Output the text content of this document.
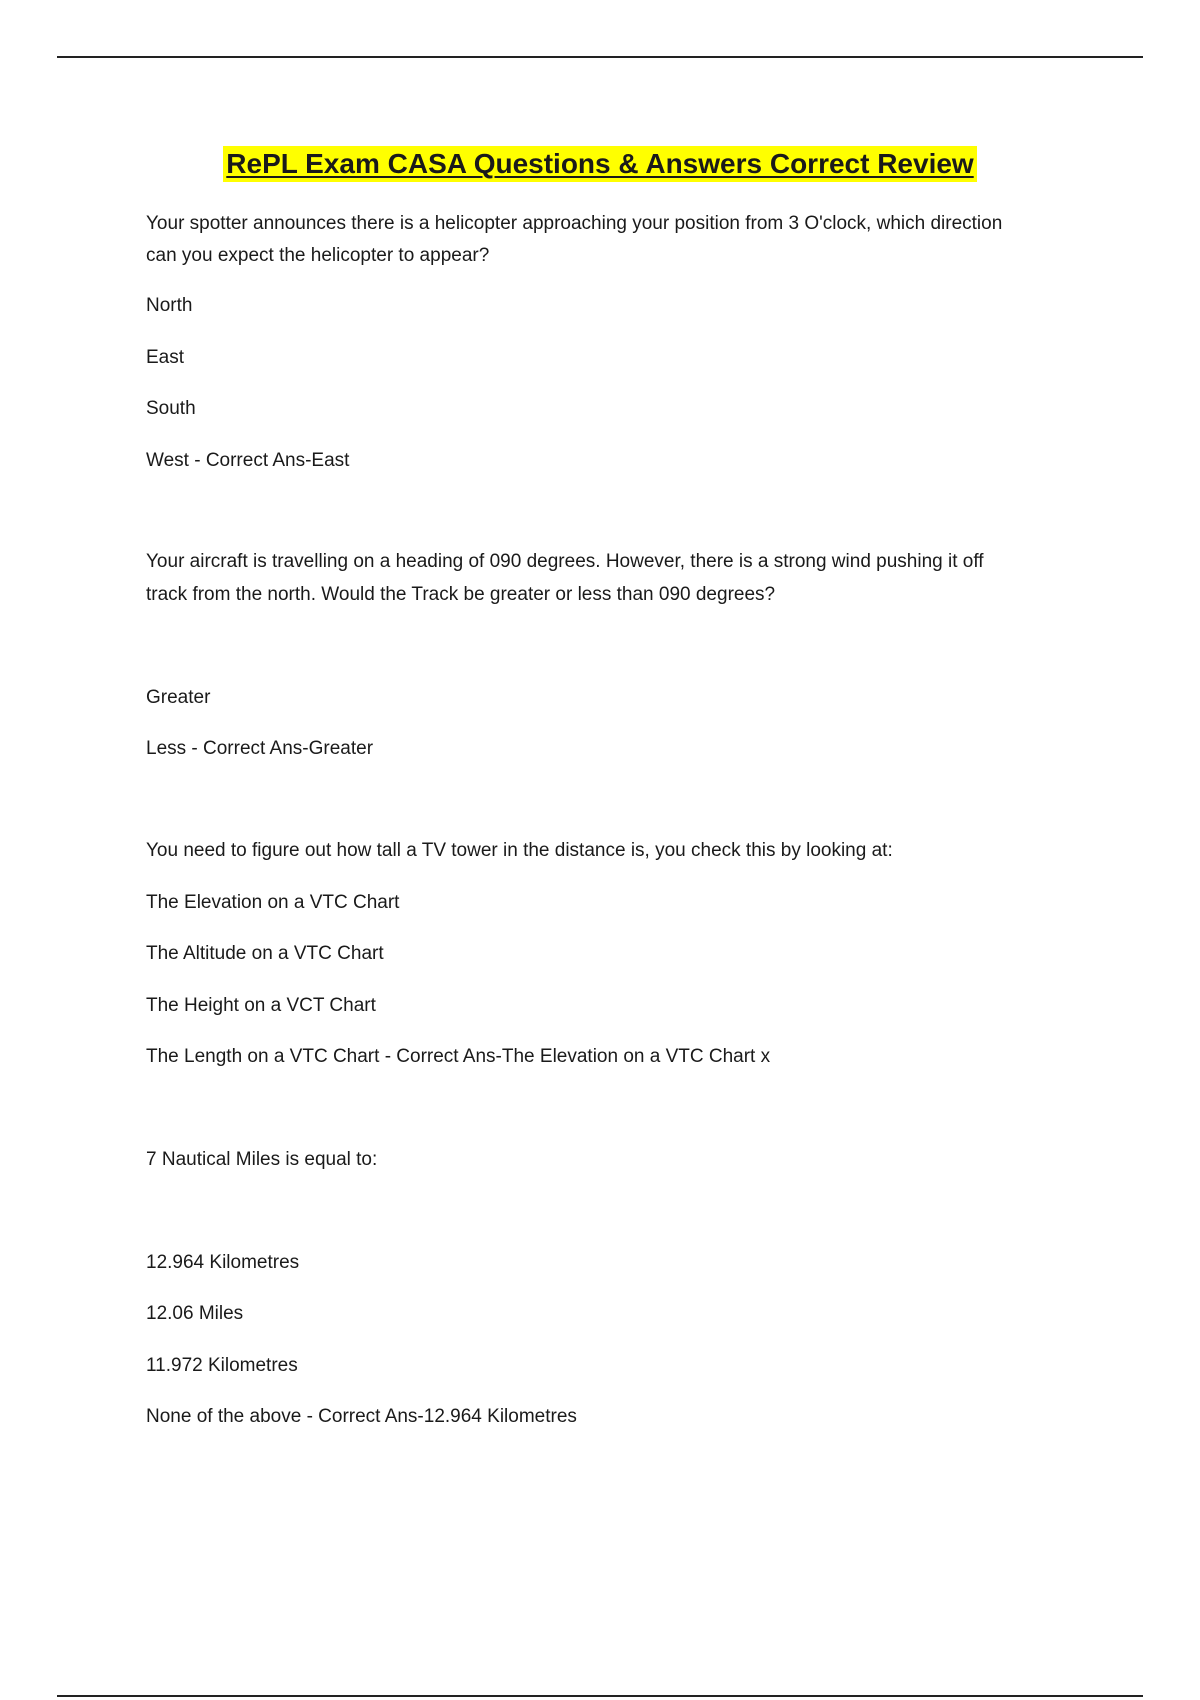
RePL Exam CASA Questions & Answers Correct Review
Your spotter announces there is a helicopter approaching your position from 3 O'clock, which direction
can you expect the helicopter to appear?
North
East
South
West - Correct Ans-East
Your aircraft is travelling on a heading of 090 degrees. However, there is a strong wind pushing it off
track from the north. Would the Track be greater or less than 090 degrees?
Greater
Less - Correct Ans-Greater
You need to figure out how tall a TV tower in the distance is, you check this by looking at:
The Elevation on a VTC Chart
The Altitude on a VTC Chart
The Height on a VCT Chart
The Length on a VTC Chart - Correct Ans-The Elevation on a VTC Chart x
7 Nautical Miles is equal to:
12.964 Kilometres
12.06 Miles
11.972 Kilometres
None of the above - Correct Ans-12.964 Kilometres
